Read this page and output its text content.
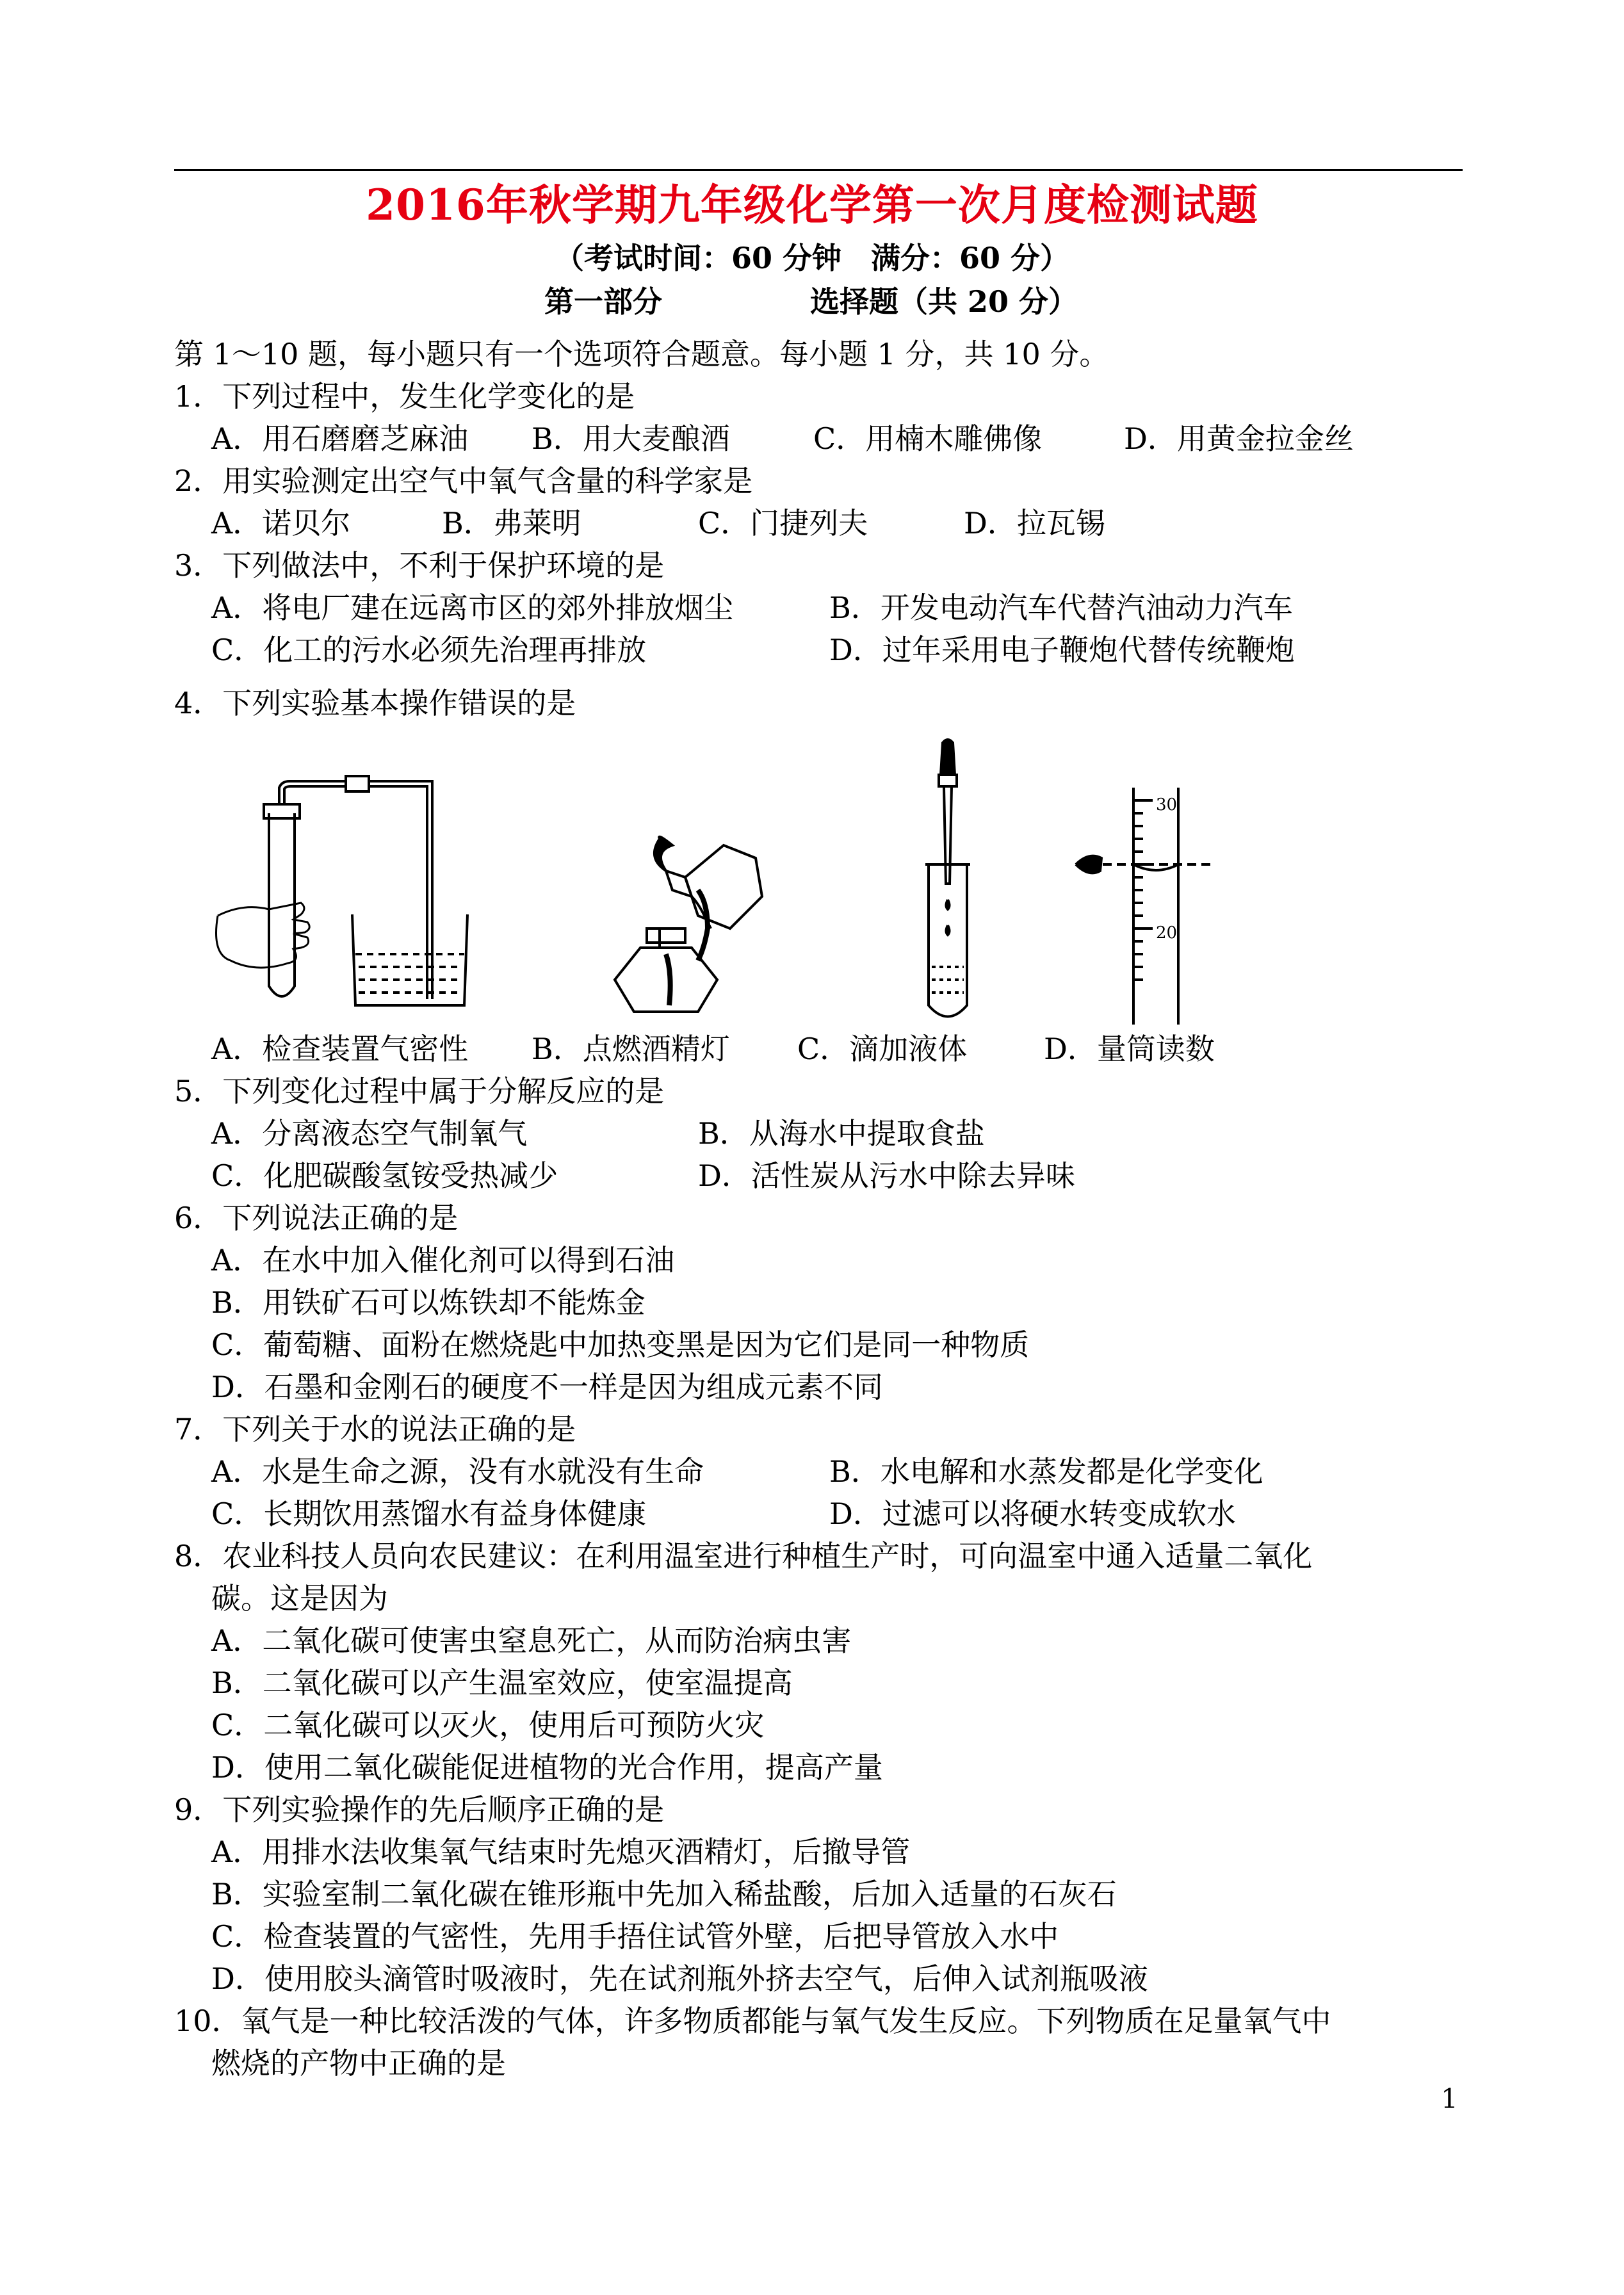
2016年秋学期九年级化学第一次月度检测试题
（考试时间：60 分钟　满分：60 分）
第一部分	选择题（共 20 分）
第 1～10 题，每小题只有一个选项符合题意。每小题 1 分，共 10 分。
1．下列过程中，发生化学变化的是
A．用石磨磨芝麻油 B．用大麦酿酒	C．用楠木雕佛像	D．用黄金拉金丝
2．用实验测定出空气中氧气含量的科学家是
A．诺贝尔	B．弗莱明	C．门捷列夫	D．拉瓦锡
3．下列做法中，不利于保护环境的是
A．将电厂建在远离市区的郊外排放烟尘	B．开发电动汽车代替汽油动力汽车
C．化工的污水必须先治理再排放	D．过年采用电子鞭炮代替传统鞭炮
4．下列实验基本操作错误的是
30
20
A．检查装置气密性 B．点燃酒精灯 C．滴加液体	D．量筒读数
5．下列变化过程中属于分解反应的是
A．分离液态空气制氧气	B．从海水中提取食盐
C．化肥碳酸氢铵受热减少	D．活性炭从污水中除去异味
6．下列说法正确的是
A．在水中加入催化剂可以得到石油
B．用铁矿石可以炼铁却不能炼金
C．葡萄糖、面粉在燃烧匙中加热变黑是因为它们是同一种物质
D．石墨和金刚石的硬度不一样是因为组成元素不同
7．下列关于水的说法正确的是
A．水是生命之源，没有水就没有生命	B．水电解和水蒸发都是化学变化
C．长期饮用蒸馏水有益身体健康	D．过滤可以将硬水转变成软水
8．农业科技人员向农民建议：在利用温室进行种植生产时，可向温室中通入适量二氧化
碳。这是因为
A．二氧化碳可使害虫窒息死亡，从而防治病虫害
B．二氧化碳可以产生温室效应，使室温提高
C．二氧化碳可以灭火，使用后可预防火灾
D．使用二氧化碳能促进植物的光合作用，提高产量
9．下列实验操作的先后顺序正确的是
A．用排水法收集氧气结束时先熄灭酒精灯，后撤导管
B．实验室制二氧化碳在锥形瓶中先加入稀盐酸，后加入适量的石灰石
C．检查装置的气密性，先用手捂住试管外壁，后把导管放入水中
D．使用胶头滴管时吸液时，先在试剂瓶外挤去空气，后伸入试剂瓶吸液
10．氧气是一种比较活泼的气体，许多物质都能与氧气发生反应。下列物质在足量氧气中
燃烧的产物中正确的是
1
